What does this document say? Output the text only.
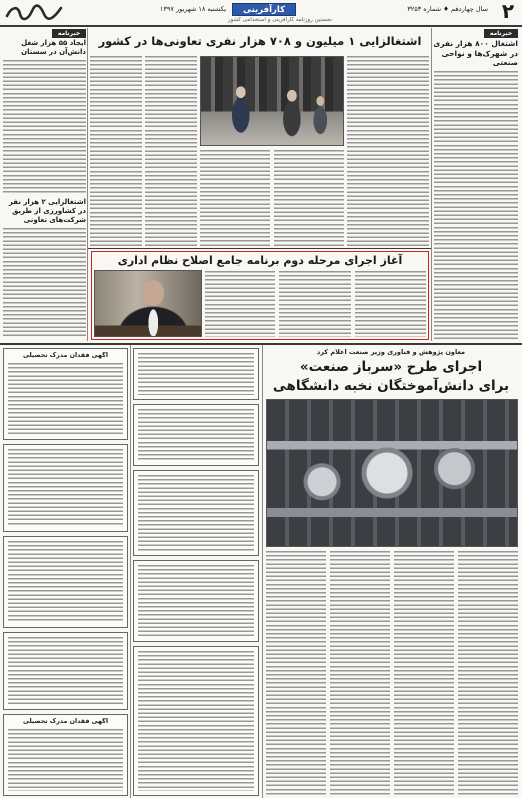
۲
سال چهاردهم ♦ شماره ۳۲۵۳
کارآفرینی
یکشنبه ۱۸ شهریور ۱۳۹۷
نخستین روزنامه کارآفرینی و استخدامی کشور
خبرنامه
ایجاد ۵۵ هزار شغل دانش‌آن در سستان
اشتغالزایی ۲ هزار نفر در کشاورزی از طریق شرکت‌های تعاونی
خبرنامه
اشتغال ۸۰۰ هزار نفری در شهرک‌ها و نواحی صنعتی
اشتغالزایی ۱ میلیون و ۷۰۸ هزار نفری تعاونی‌ها در کشور
آغاز اجرای مرحله دوم برنامه جامع اصلاح نظام اداری
معاون پژوهش و فناوری وزیر صنعت اعلام کرد
اجرای طرح «سرباز صنعت»
برای دانش‌آموختگان نخبه دانشگاهی
آگهی فقدان مدرک تحصیلی
آگهی فقدان مدرک تحصیلی
